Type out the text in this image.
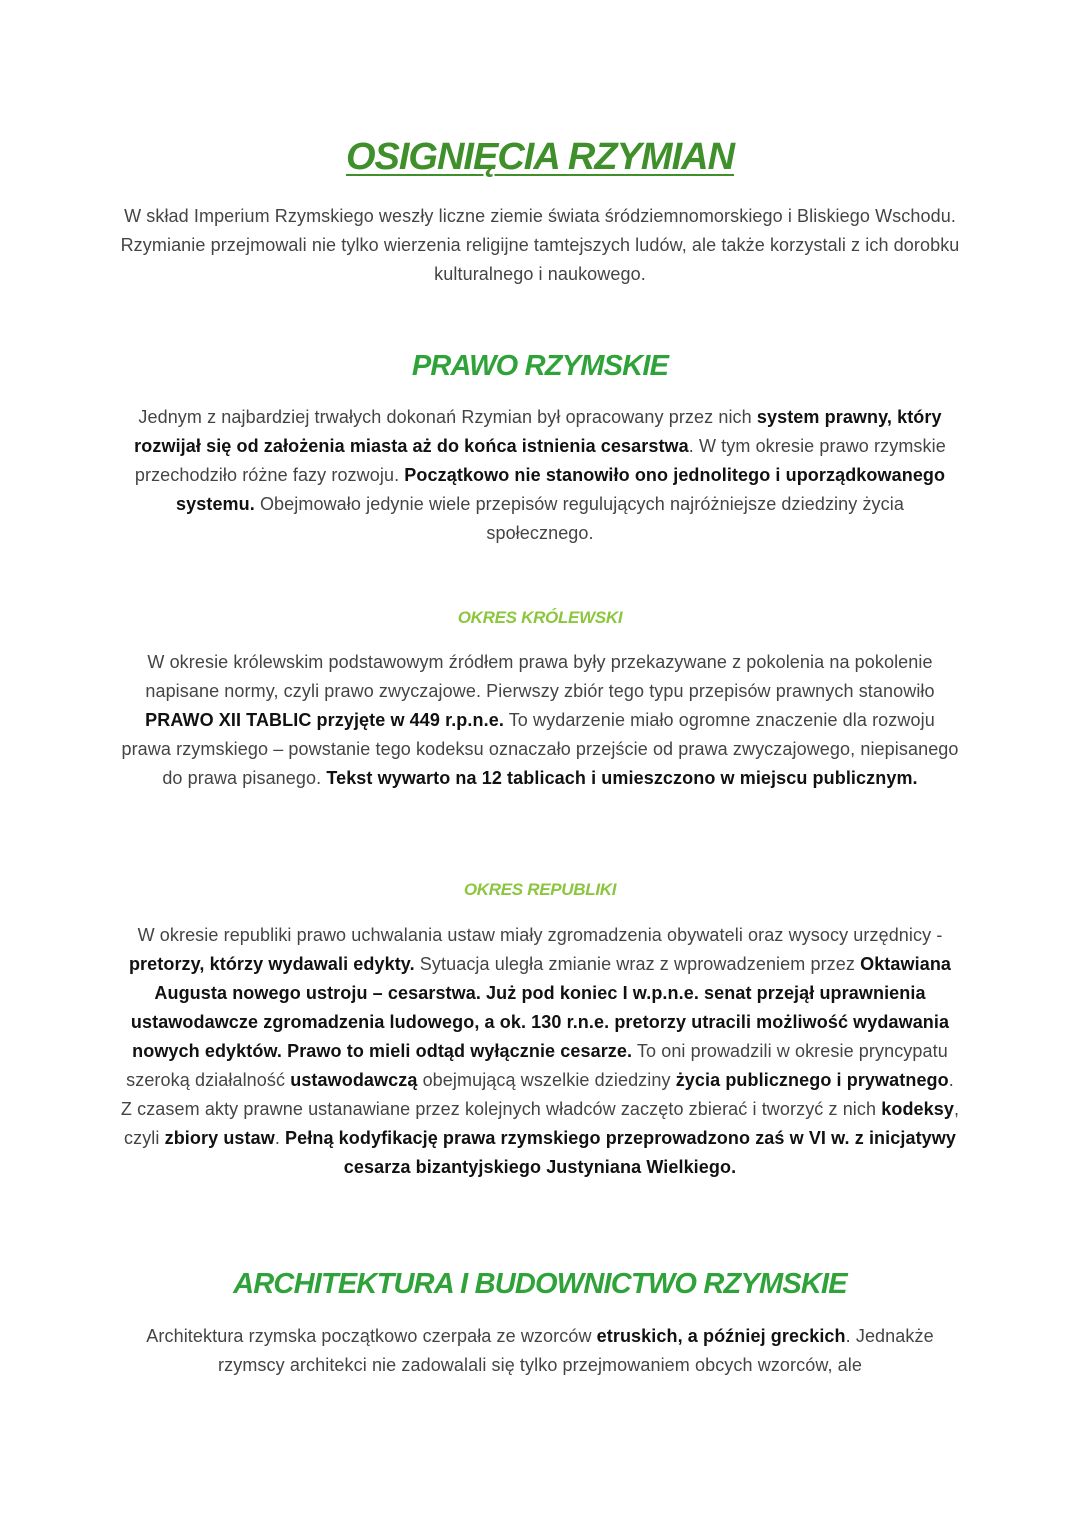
OSIGNIĘCIA RZYMIAN

W skład Imperium Rzymskiego weszły liczne ziemie świata śródziemnomorskiego i Bliskiego Wschodu. Rzymianie przejmowali nie tylko wierzenia religijne tamtejszych ludów, ale także korzystali z ich dorobku kulturalnego i naukowego.

PRAWO RZYMSKIE

Jednym z najbardziej trwałych dokonań Rzymian był opracowany przez nich system prawny, który rozwijał się od założenia miasta aż do końca istnienia cesarstwa. W tym okresie prawo rzymskie przechodziło różne fazy rozwoju. Początkowo nie stanowiło ono jednolitego i uporządkowanego systemu. Obejmowało jedynie wiele przepisów regulujących najróżniejsze dziedziny życia społecznego.

OKRES KRÓLEWSKI

W okresie królewskim podstawowym źródłem prawa były przekazywane z pokolenia na pokolenie napisane normy, czyli prawo zwyczajowe. Pierwszy zbiór tego typu przepisów prawnych stanowiło PRAWO XII TABLIC przyjęte w 449 r.p.n.e. To wydarzenie miało ogromne znaczenie dla rozwoju prawa rzymskiego – powstanie tego kodeksu oznaczało przejście od prawa zwyczajowego, niepisanego do prawa pisanego. Tekst wywarto na 12 tablicach i umieszczono w miejscu publicznym.

OKRES REPUBLIKI

W okresie republiki prawo uchwalania ustaw miały zgromadzenia obywateli oraz wysocy urzędnicy - pretorzy, którzy wydawali edykty. Sytuacja uległa zmianie wraz z wprowadzeniem przez Oktawiana Augusta nowego ustroju – cesarstwa. Już pod koniec I w.p.n.e. senat przejął uprawnienia ustawodawcze zgromadzenia ludowego, a ok. 130 r.n.e. pretorzy utracili możliwość wydawania nowych edyktów. Prawo to mieli odtąd wyłącznie cesarze. To oni prowadzili w okresie pryncypatu szeroką działalność ustawodawczą obejmującą wszelkie dziedziny życia publicznego i prywatnego. Z czasem akty prawne ustanawiane przez kolejnych władców zaczęto zbierać i tworzyć z nich kodeksy, czyli zbiory ustaw. Pełną kodyfikację prawa rzymskiego przeprowadzono zaś w VI w. z inicjatywy cesarza bizantyjskiego Justyniana Wielkiego.

ARCHITEKTURA I BUDOWNICTWO RZYMSKIE

Architektura rzymska początkowo czerpała ze wzorców etruskich, a później greckich. Jednakże rzymscy architekci nie zadowalali się tylko przejmowaniem obcych wzorców, ale
